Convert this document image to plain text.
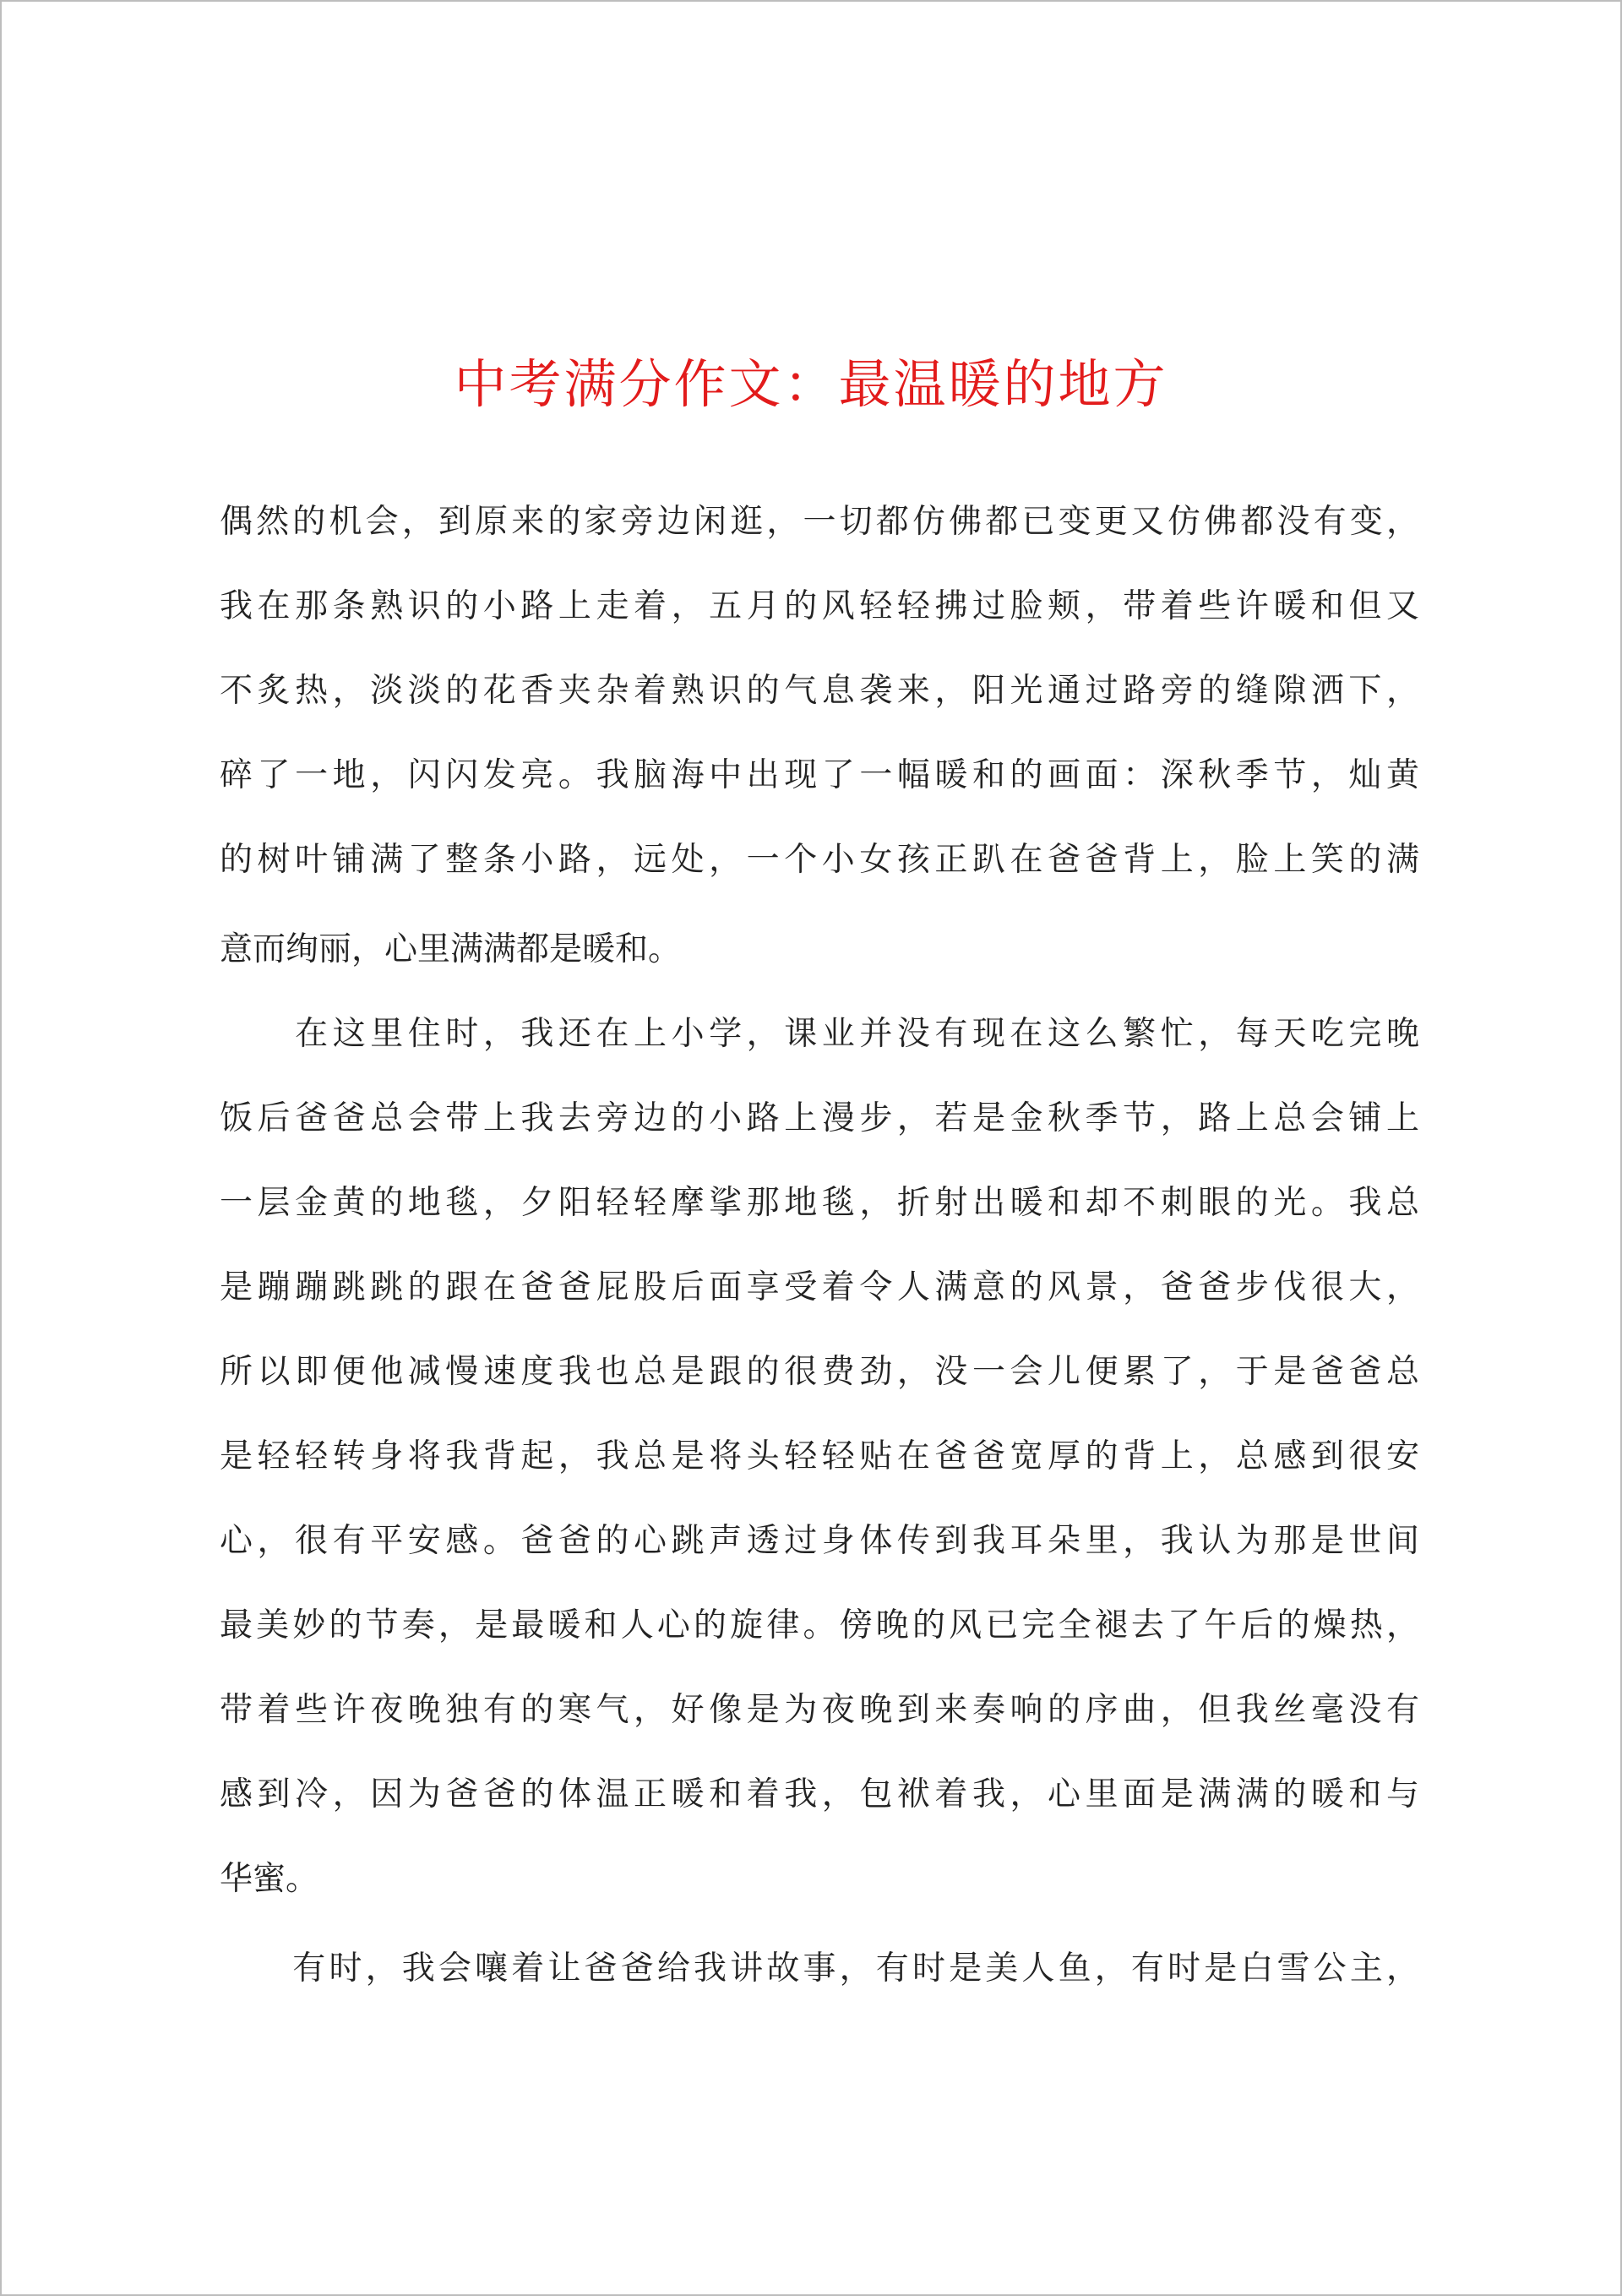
中考满分作文：最温暖的地方

偶然的机会，到原来的家旁边闲逛，一切都仿佛都已变更又仿佛都没有变，

我在那条熟识的小路上走着，五月的风轻轻拂过脸颊，带着些许暖和但又

不炙热，淡淡的花香夹杂着熟识的气息袭来，阳光通过路旁的缝隙洒下，

碎了一地，闪闪发亮。我脑海中出现了一幅暖和的画面：深秋季节，灿黄

的树叶铺满了整条小路，远处，一个小女孩正趴在爸爸背上，脸上笑的满

意而绚丽，心里满满都是暖和。

　　在这里住时，我还在上小学，课业并没有现在这么繁忙，每天吃完晚

饭后爸爸总会带上我去旁边的小路上漫步，若是金秋季节，路上总会铺上

一层金黄的地毯，夕阳轻轻摩挲那地毯，折射出暖和却不刺眼的光。我总

是蹦蹦跳跳的跟在爸爸屁股后面享受着令人满意的风景，爸爸步伐很大，

所以即便他减慢速度我也总是跟的很费劲，没一会儿便累了，于是爸爸总

是轻轻转身将我背起，我总是将头轻轻贴在爸爸宽厚的背上，总感到很安

心，很有平安感。爸爸的心跳声透过身体传到我耳朵里，我认为那是世间

最美妙的节奏，是最暖和人心的旋律。傍晚的风已完全褪去了午后的燥热，

带着些许夜晚独有的寒气，好像是为夜晚到来奏响的序曲，但我丝毫没有

感到冷，因为爸爸的体温正暖和着我，包袱着我，心里面是满满的暖和与

华蜜。

　　有时，我会嚷着让爸爸给我讲故事，有时是美人鱼，有时是白雪公主，
